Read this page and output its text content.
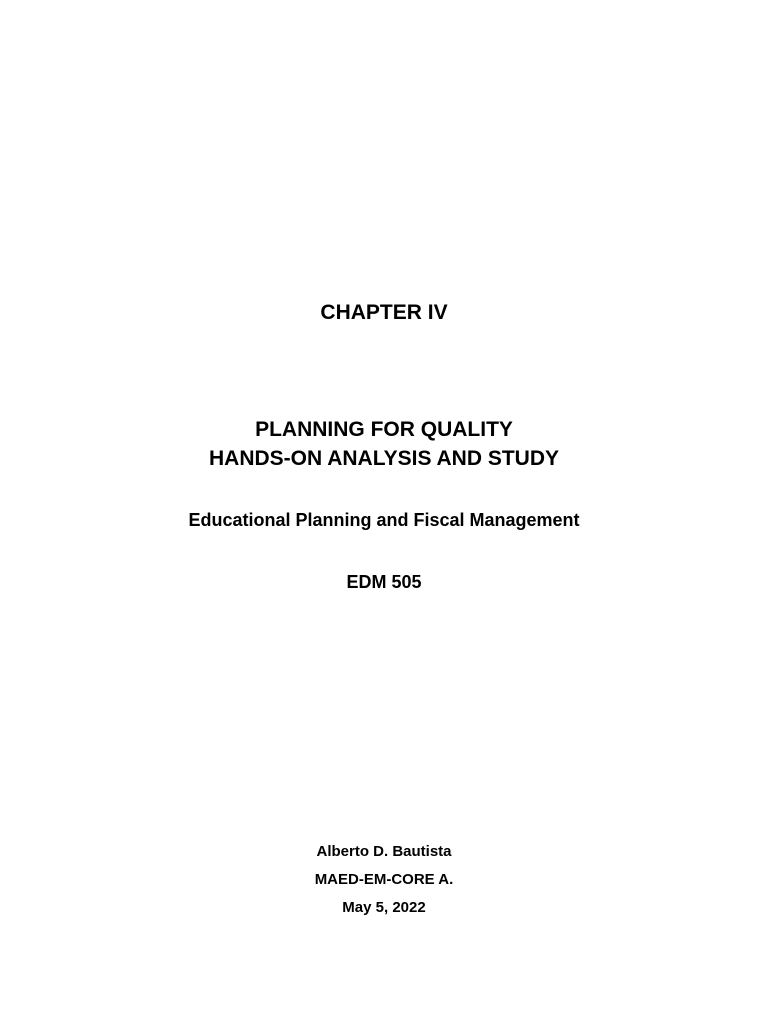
CHAPTER IV
PLANNING FOR QUALITY
HANDS-ON ANALYSIS AND STUDY
Educational Planning and Fiscal Management
EDM 505
Alberto D. Bautista
MAED-EM-CORE A.
May 5, 2022
